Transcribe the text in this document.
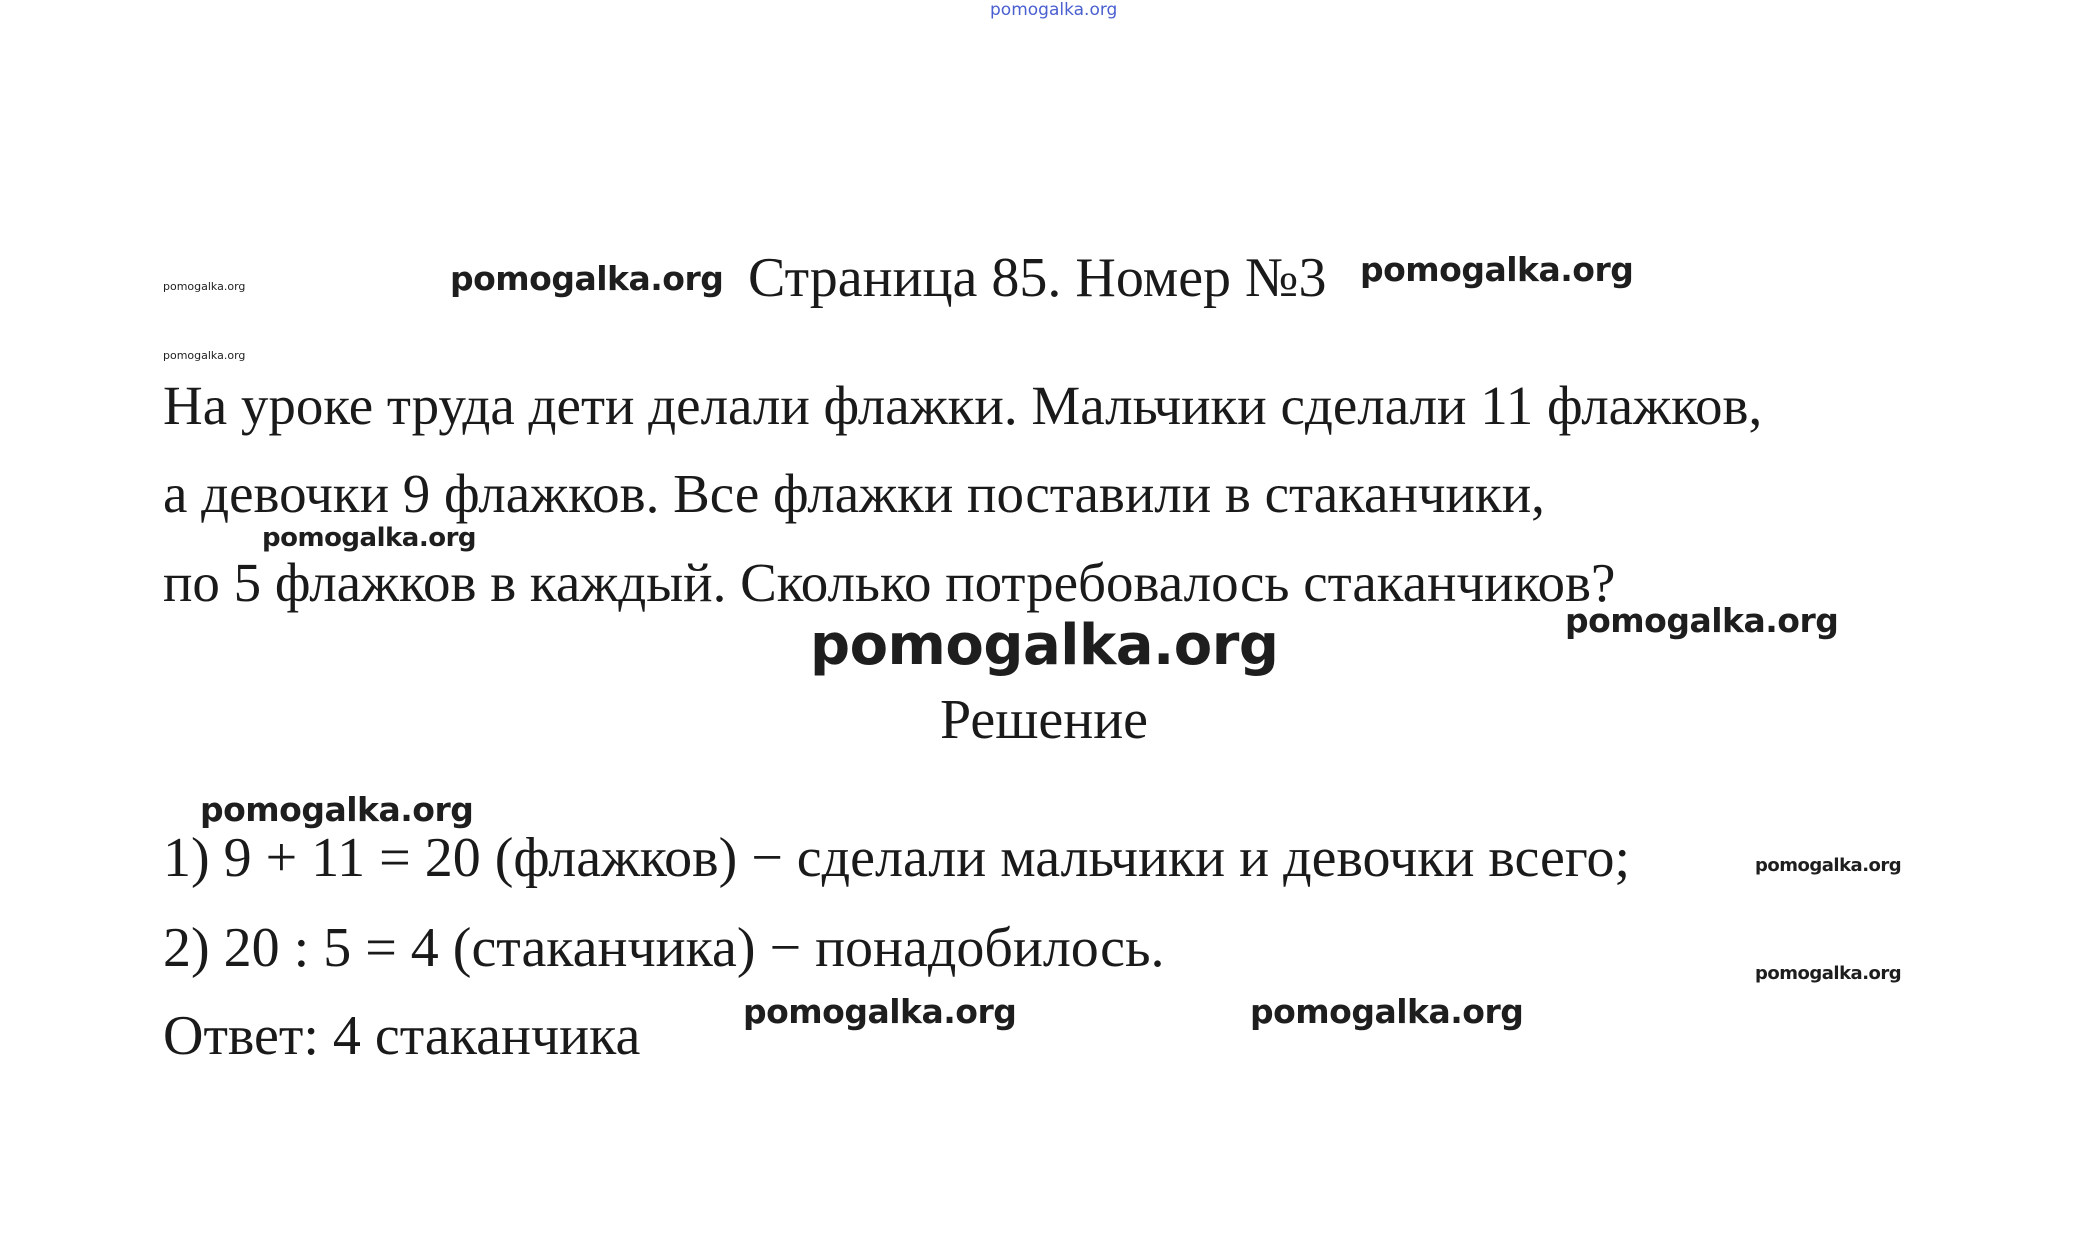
pomogalka.org
pomogalka.org
pomogalka.org
pomogalka.org Страница 85. Номер №3 pomogalka.org
На уроке труда дети делали флажки. Мальчики сделали 11 флажков,
а девочки 9 флажков. Все флажки поставили в стаканчики,
pomogalka.org
по 5 флажков в каждый. Сколько потребовалось стаканчиков?
pomogalka.org
pomogalka.org
Решение
pomogalka.org
1) 9 + 11 = 20 (флажков) − сделали мальчики и девочки всего;	pomogalka.org
2) 20 : 5 = 4 (стаканчика) − понадобилось.	pomogalka.org
Ответ: 4 стаканчика	pomogalka.org	pomogalka.org
